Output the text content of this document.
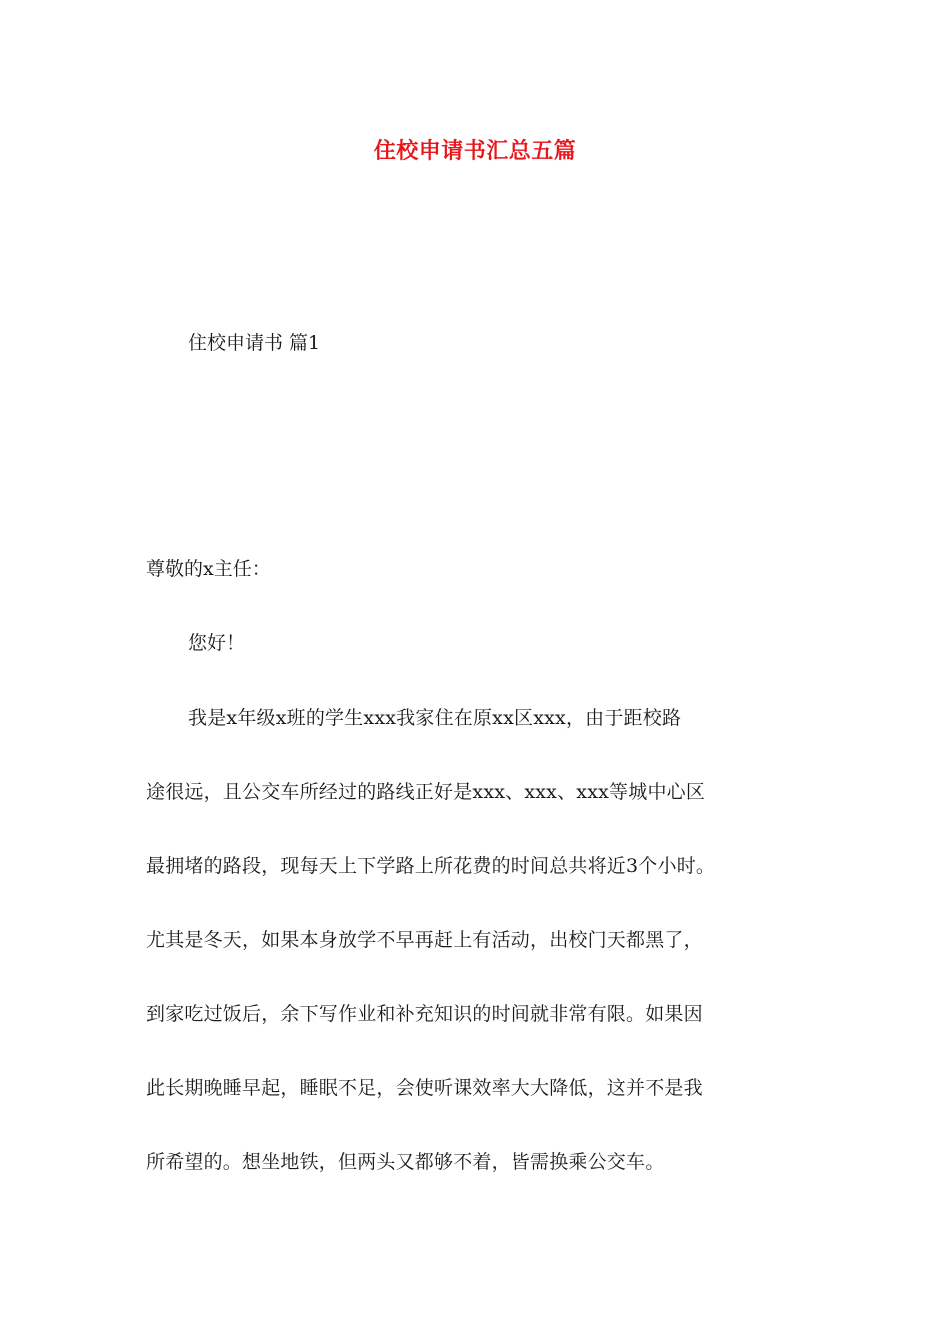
住校申请书汇总五篇
住校申请书 篇1
尊敬的x主任：
您好！
我是x年级x班的学生xxx我家住在原xx区xxx，由于距校路
途很远，且公交车所经过的路线正好是xxx、xxx、xxx等城中心区
最拥堵的路段，现每天上下学路上所花费的时间总共将近3个小时。
尤其是冬天，如果本身放学不早再赶上有活动，出校门天都黑了，
到家吃过饭后，余下写作业和补充知识的时间就非常有限。如果因
此长期晚睡早起，睡眠不足，会使听课效率大大降低，这并不是我
所希望的。想坐地铁，但两头又都够不着，皆需换乘公交车。
